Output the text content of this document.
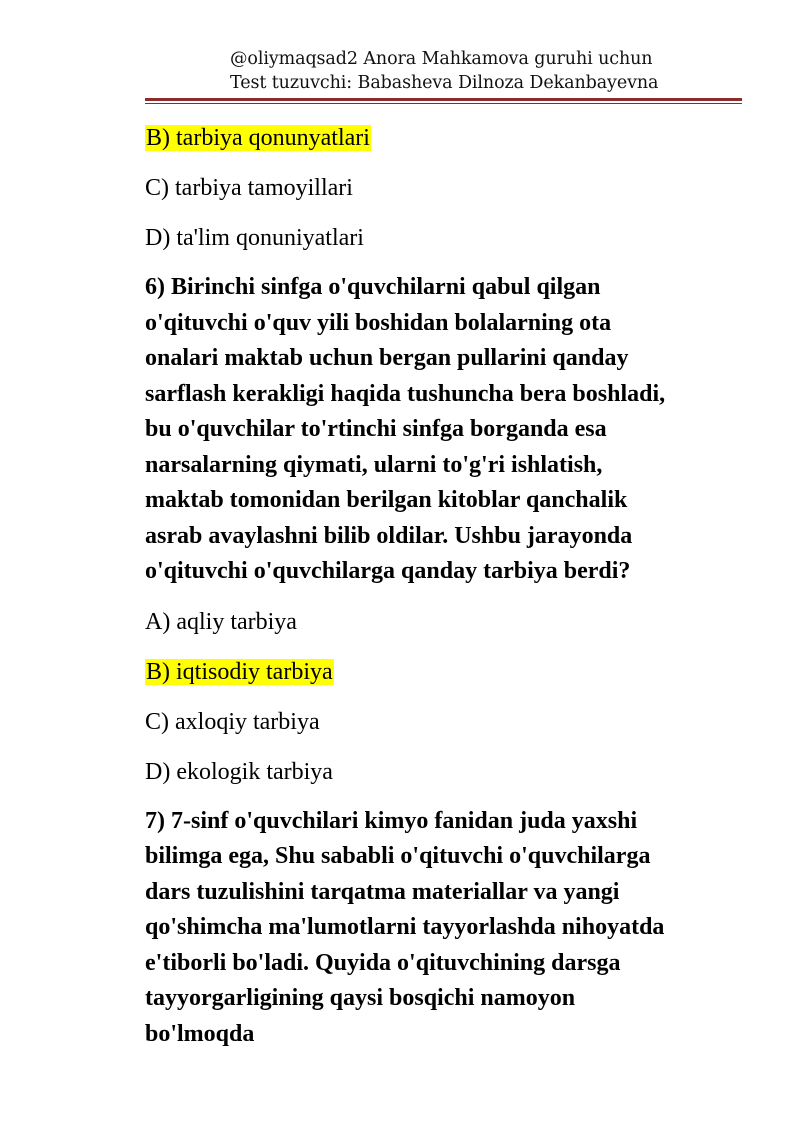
@oliymaqsad2 Anora Mahkamova guruhi uchun
Test tuzuvchi: Babasheva Dilnoza Dekanbayevna
B) tarbiya qonunyatlari
C) tarbiya tamoyillari
D) ta'lim qonuniyatlari
6) Birinchi sinfga o'quvchilarni qabul qilgan
o'qituvchi o'quv yili boshidan bolalarning ota
onalari maktab uchun bergan pullarini qanday
sarflash kerakligi haqida tushuncha bera boshladi,
bu o'quvchilar to'rtinchi sinfga borganda esa
narsalarning qiymati, ularni to'g'ri ishlatish,
maktab tomonidan berilgan kitoblar qanchalik
asrab avaylashni bilib oldilar. Ushbu jarayonda
o'qituvchi o'quvchilarga qanday tarbiya berdi?
A) aqliy tarbiya
B) iqtisodiy tarbiya
C) axloqiy tarbiya
D) ekologik tarbiya
7) 7-sinf o'quvchilari kimyo fanidan juda yaxshi
bilimga ega, Shu sababli o'qituvchi o'quvchilarga
dars tuzulishini tarqatma materiallar va yangi
qo'shimcha ma'lumotlarni tayyorlashda nihoyatda
e'tiborli bo'ladi. Quyida o'qituvchining darsga
tayyorgarligining qaysi bosqichi namoyon
bo'lmoqda
